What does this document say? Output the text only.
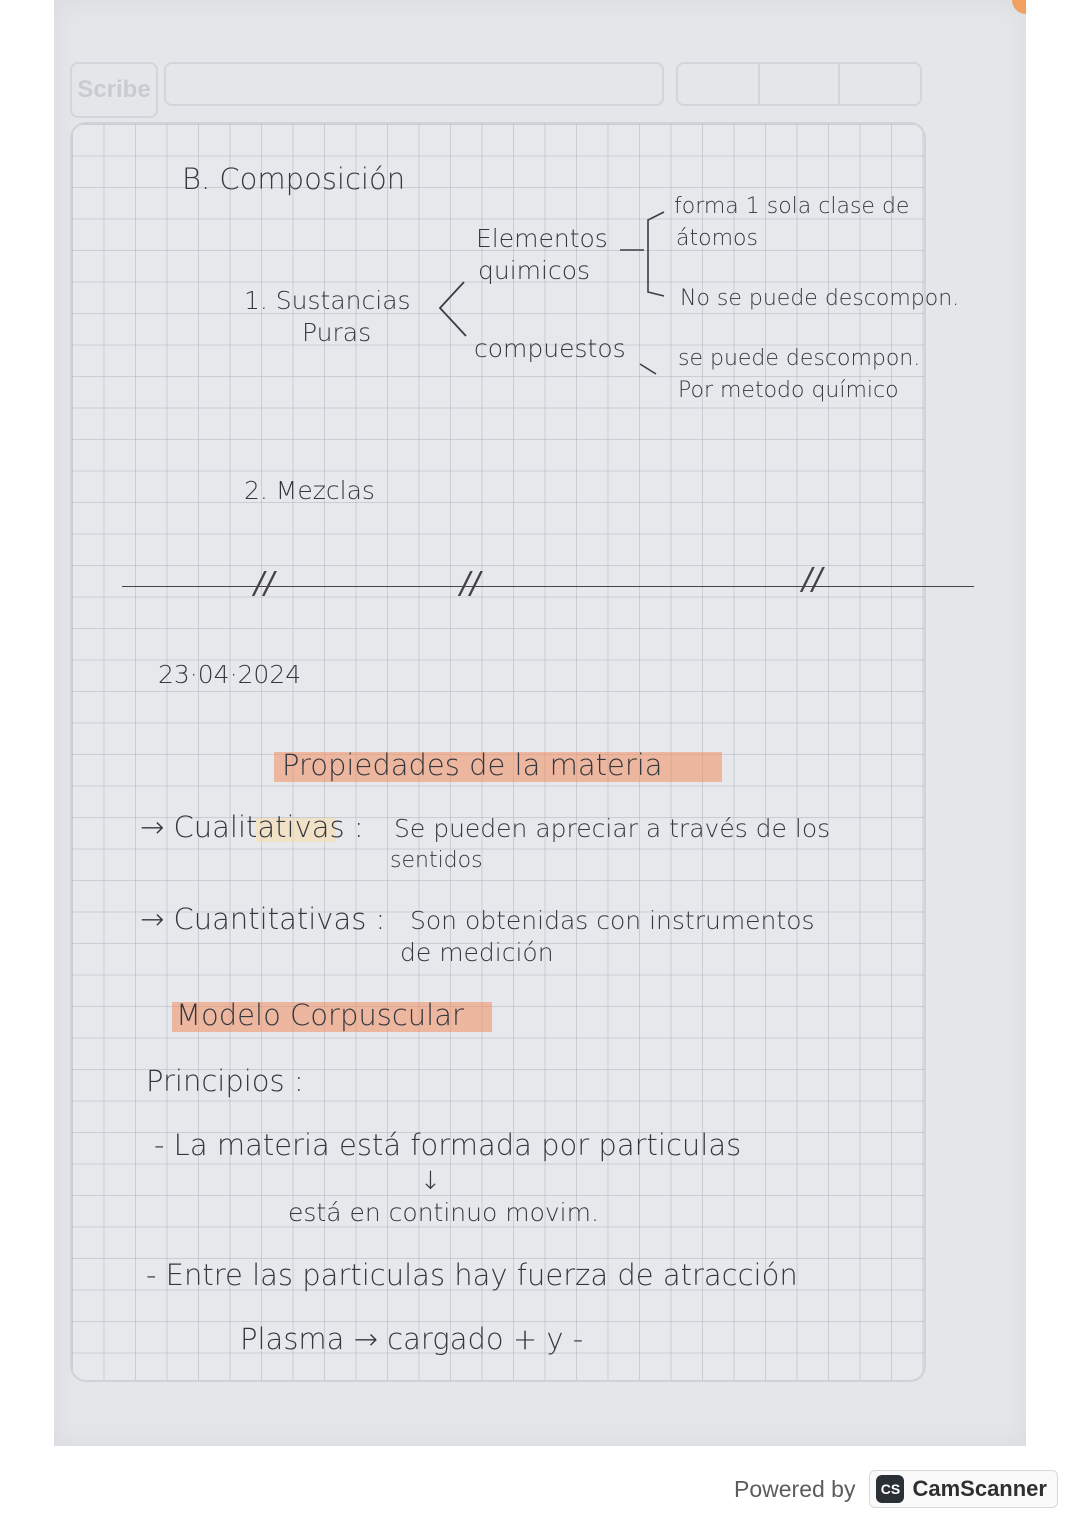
Scribe
B. Composición
1. Sustancias
Puras
Elementos
quimicos
forma 1 sola clase de
átomos
No se puede descompon.
compuestos se puede descompon.
Por metodo químico
2. Mezclas
//	//	//
23·04·2024
Propiedades de la materia
→ Cualitativas : Se pueden apreciar a través de los
sentidos
→ Cuantitativas : Son obtenidas con instrumentos
de medición
Modelo Corpuscular
Principios :
- La materia está formada por particulas
↓
está en continuo movim.
- Entre las particulas hay fuerza de atracción
Plasma → cargado + y -
Powered by	CS CamScanner
